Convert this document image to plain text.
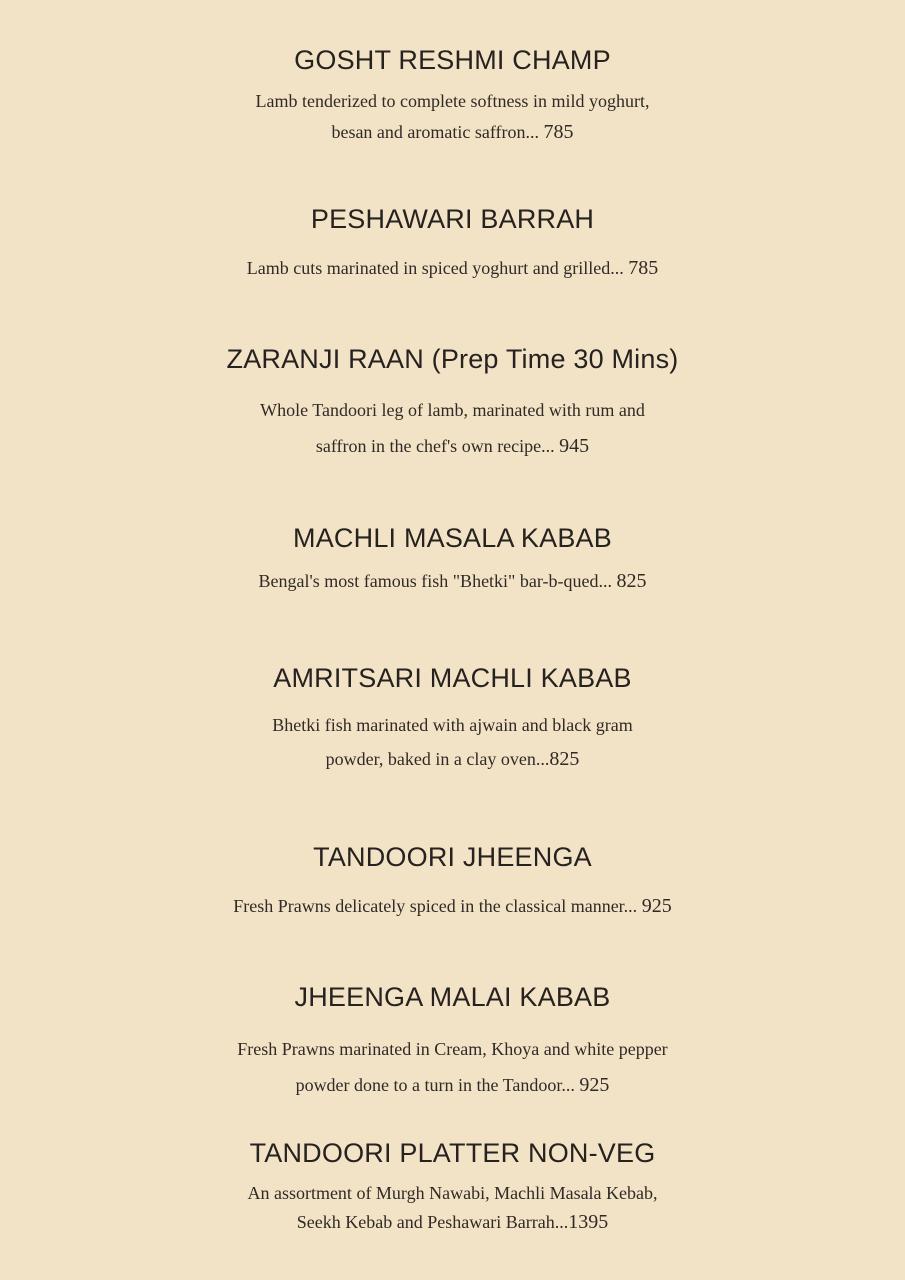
GOSHT RESHMI CHAMP
Lamb tenderized to complete softness in mild yoghurt,
besan and aromatic saffron... 785
PESHAWARI BARRAH
Lamb cuts marinated in spiced yoghurt and grilled... 785
ZARANJI RAAN (Prep Time 30 Mins)
Whole Tandoori leg of lamb, marinated with rum and
saffron in the chef's own recipe... 945
MACHLI MASALA KABAB
Bengal's most famous fish "Bhetki" bar-b-qued... 825
AMRITSARI MACHLI KABAB
Bhetki fish marinated with ajwain and black gram
powder, baked in a clay oven...825
TANDOORI JHEENGA
Fresh Prawns delicately spiced in the classical manner... 925
JHEENGA MALAI KABAB
Fresh Prawns marinated in Cream, Khoya and white pepper
powder done to a turn in the Tandoor... 925
TANDOORI PLATTER NON-VEG
An assortment of Murgh Nawabi, Machli Masala Kebab,
Seekh Kebab and Peshawari Barrah...1395
